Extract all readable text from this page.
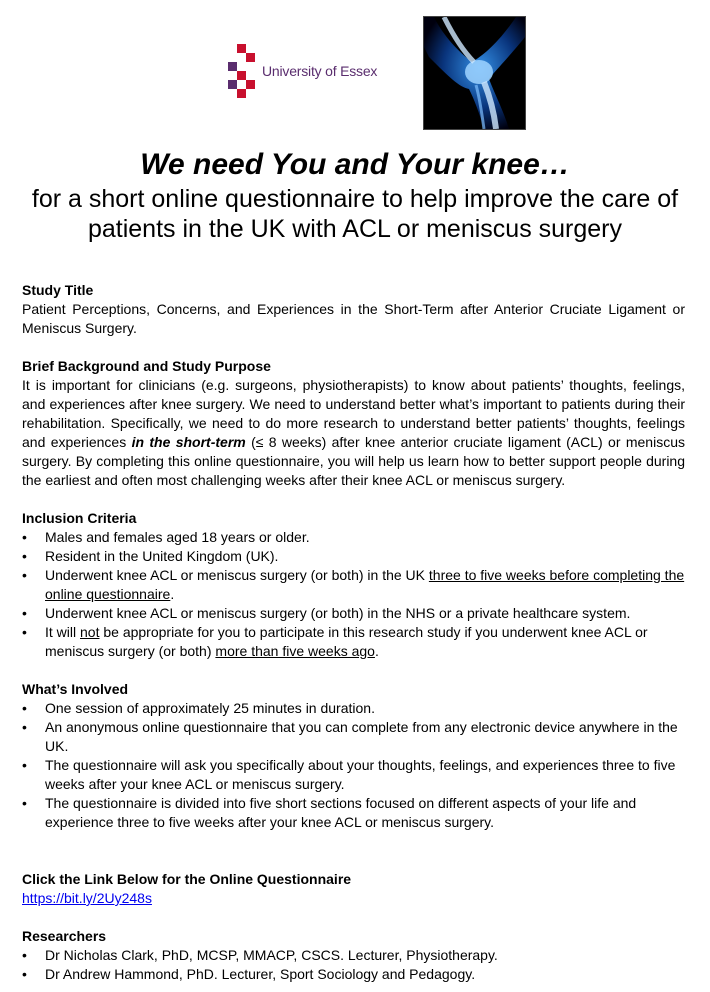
University of Essex
We need You and Your knee…
for a short online questionnaire to help improve the care of patients in the UK with ACL or meniscus surgery
Study Title
Patient Perceptions, Concerns, and Experiences in the Short-Term after Anterior Cruciate Ligament or Meniscus Surgery.
Brief Background and Study Purpose
It is important for clinicians (e.g. surgeons, physiotherapists) to know about patients’ thoughts, feelings, and experiences after knee surgery. We need to understand better what’s important to patients during their rehabilitation. Specifically, we need to do more research to understand better patients’ thoughts, feelings and experiences in the short-term (≤ 8 weeks) after knee anterior cruciate ligament (ACL) or meniscus surgery. By completing this online questionnaire, you will help us learn how to better support people during the earliest and often most challenging weeks after their knee ACL or meniscus surgery.
Inclusion Criteria
• Males and females aged 18 years or older.
• Resident in the United Kingdom (UK).
• Underwent knee ACL or meniscus surgery (or both) in the UK three to five weeks before completing the online questionnaire.
• Underwent knee ACL or meniscus surgery (or both) in the NHS or a private healthcare system.
• It will not be appropriate for you to participate in this research study if you underwent knee ACL or meniscus surgery (or both) more than five weeks ago.
What’s Involved
• One session of approximately 25 minutes in duration.
• An anonymous online questionnaire that you can complete from any electronic device anywhere in the UK.
• The questionnaire will ask you specifically about your thoughts, feelings, and experiences three to five weeks after your knee ACL or meniscus surgery.
• The questionnaire is divided into five short sections focused on different aspects of your life and experience three to five weeks after your knee ACL or meniscus surgery.
Click the Link Below for the Online Questionnaire
https://bit.ly/2Uy248s
Researchers
• Dr Nicholas Clark, PhD, MCSP, MMACP, CSCS. Lecturer, Physiotherapy.
• Dr Andrew Hammond, PhD. Lecturer, Sport Sociology and Pedagogy.
